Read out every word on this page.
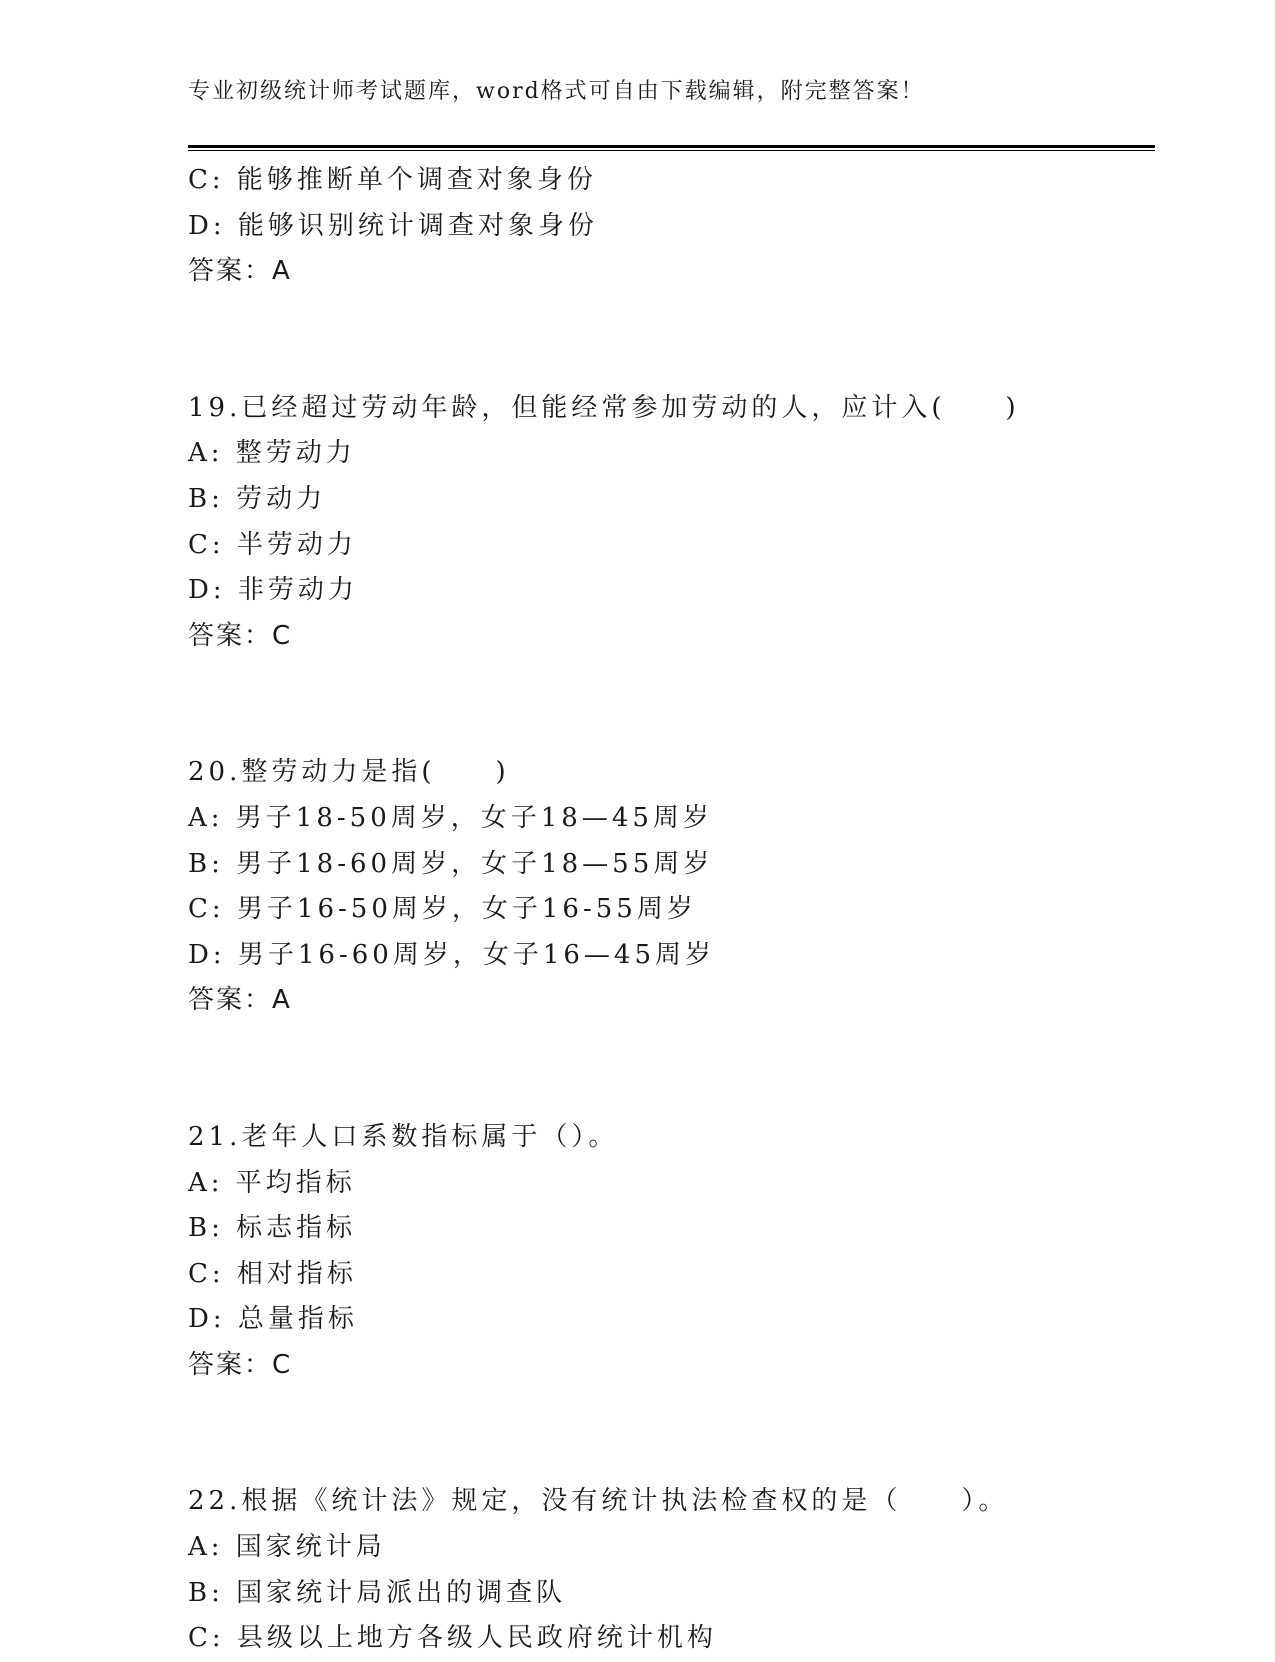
专业初级统计师考试题库，word格式可自由下载编辑，附完整答案！
C: 能够推断单个调查对象身份
D: 能够识别统计调查对象身份
答案：A
19.已经超过劳动年龄，但能经常参加劳动的人，应计入(　　)
A: 整劳动力
B: 劳动力
C: 半劳动力
D: 非劳动力
答案：C
20.整劳动力是指(　　)
A: 男子18-50周岁，女子18—45周岁
B: 男子18-60周岁，女子18—55周岁
C: 男子16-50周岁，女子16-55周岁
D: 男子16-60周岁，女子16—45周岁
答案：A
21.老年人口系数指标属于（）。
A: 平均指标
B: 标志指标
C: 相对指标
D: 总量指标
答案：C
22.根据《统计法》规定，没有统计执法检查权的是（　　）。
A: 国家统计局
B: 国家统计局派出的调查队
C: 县级以上地方各级人民政府统计机构
